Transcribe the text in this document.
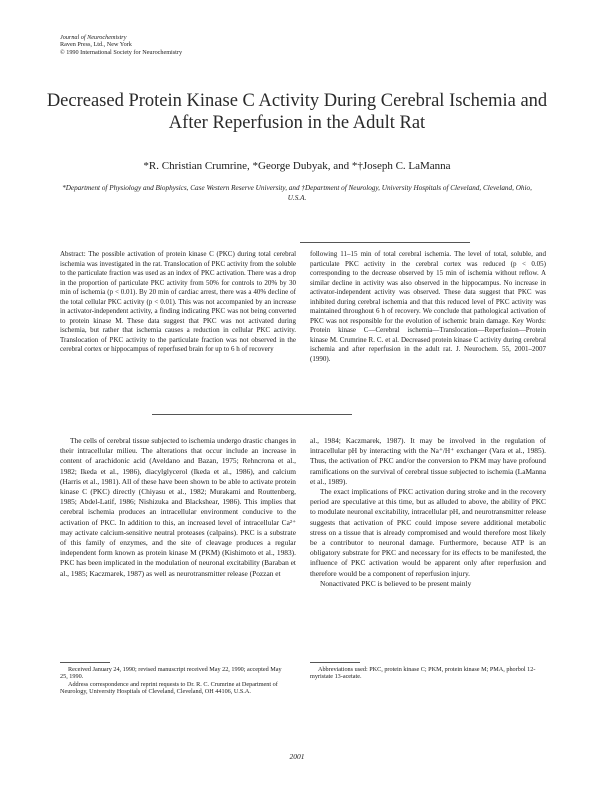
Journal of Neurochemistry
Raven Press, Ltd., New York
© 1990 International Society for Neurochemistry
Decreased Protein Kinase C Activity During Cerebral Ischemia and After Reperfusion in the Adult Rat
*R. Christian Crumrine, *George Dubyak, and *†Joseph C. LaManna
*Department of Physiology and Biophysics, Case Western Reserve University, and †Department of Neurology, University Hospitals of Cleveland, Cleveland, Ohio, U.S.A.
Abstract: The possible activation of protein kinase C (PKC) during total cerebral ischemia was investigated in the rat. Translocation of PKC activity from the soluble to the particulate fraction was used as an index of PKC activation. There was a drop in the proportion of particulate PKC activity from 50% for controls to 20% by 30 min of ischemia (p < 0.01). By 20 min of cardiac arrest, there was a 40% decline of the total cellular PKC activity (p < 0.01). This was not accompanied by an increase in activator-independent activity, a finding indicating PKC was not being converted to protein kinase M. These data suggest that PKC was not activated during ischemia, but rather that ischemia causes a reduction in cellular PKC activity. Translocation of PKC activity to the particulate fraction was not observed in the cerebral cortex or hippocampus of reperfused brain for up to 6 h of recovery
following 11–15 min of total cerebral ischemia. The level of total, soluble, and particulate PKC activity in the cerebral cortex was reduced (p < 0.05) corresponding to the decrease observed by 15 min of ischemia without reflow. A similar decline in activity was also observed in the hippocampus. No increase in activator-independent activity was observed. These data suggest that PKC was inhibited during cerebral ischemia and that this reduced level of PKC activity was maintained throughout 6 h of recovery. We conclude that pathological activation of PKC was not responsible for the evolution of ischemic brain damage. Key Words: Protein kinase C—Cerebral ischemia—Translocation—Reperfusion—Protein kinase M. Crumrine R. C. et al. Decreased protein kinase C activity during cerebral ischemia and after reperfusion in the adult rat. J. Neurochem. 55, 2001–2007 (1990).

The cells of cerebral tissue subjected to ischemia undergo drastic changes in their intracellular milieu. The alterations that occur include an increase in content of arachidonic acid (Aveldano and Bazan, 1975; Rehncrona et al., 1982; Ikeda et al., 1986), diacylglycerol (Ikeda et al., 1986), and calcium (Harris et al., 1981). All of these have been shown to be able to activate protein kinase C (PKC) directly (Chiyasu et al., 1982; Murakami and Routtenberg, 1985; Abdel-Latif, 1986; Nishizuka and Blackshear, 1986). This implies that cerebral ischemia produces an intracellular environment conducive to the activation of PKC. In addition to this, an increased level of intracellular Ca²⁺ may activate calcium-sensitive neutral proteases (calpains). PKC is a substrate of this family of enzymes, and the site of cleavage produces a regular independent form known as protein kinase M (PKM) (Kishimoto et al., 1983). PKC has been implicated in the modulation of neuronal excitability (Baraban et al., 1985; Kaczmarek, 1987) as well as neurotransmitter release (Pozzan et

al., 1984; Kaczmarek, 1987). It may be involved in the regulation of intracellular pH by interacting with the Na⁺/H⁺ exchanger (Vara et al., 1985). Thus, the activation of PKC and/or the conversion to PKM may have profound ramifications on the survival of cerebral tissue subjected to ischemia (LaManna et al., 1989).

The exact implications of PKC activation during stroke and in the recovery period are speculative at this time, but as alluded to above, the ability of PKC to modulate neuronal excitability, intracellular pH, and neurotransmitter release suggests that activation of PKC could impose severe additional metabolic stress on a tissue that is already compromised and would therefore most likely be a contributor to neuronal damage. Furthermore, because ATP is an obligatory substrate for PKC and necessary for its effects to be manifested, the influence of PKC activation would be apparent only after reperfusion and therefore would be a component of reperfusion injury.

Nonactivated PKC is believed to be present mainly

Received January 24, 1990; revised manuscript received May 22, 1990; accepted May 25, 1990.

Address correspondence and reprint requests to Dr. R. C. Crumrine at Department of Neurology, University Hospitals of Cleveland, Cleveland, OH 44106, U.S.A.

Abbreviations used: PKC, protein kinase C; PKM, protein kinase M; PMA, phorbol 12-myristate 13-acetate.

2001
